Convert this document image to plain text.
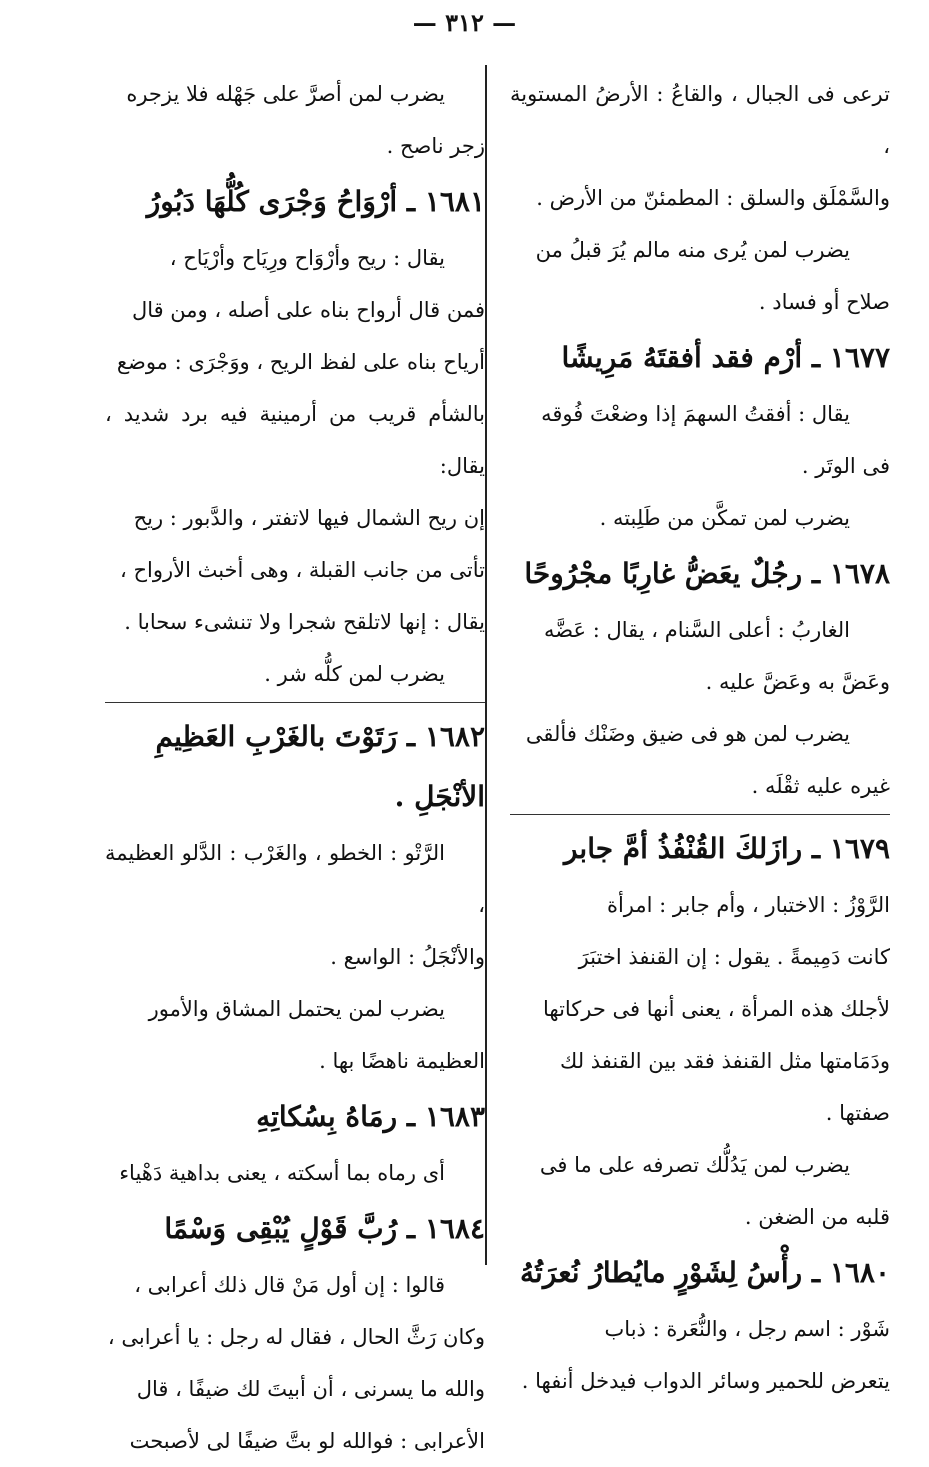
— ٣١٢ —

ترعى فى الجبال ، والقاعُ : الأرضُ المستوية ،

والسَّمْلَق والسلق : المطمئنّ من الأرض .

يضرب لمن يُرى منه مالم يُرَ قبلُ من

صلاح أو فساد .

١٦٧٧ ـ أرْم فقد أفقتَهُ مَرِيشًا

يقال : أفقتُ السهمَ إذا وضعْتَ فُوقه

فى الوتَر .

يضرب لمن تمكَّن من طَلِبته .

١٦٧٨ ـ رجُلٌ يعَضُّ غارِبًا مجْرُوحًا

الغاربُ : أعلى السَّنام ، يقال : عَضَّه

وعَضَّ به وعَضَّ عليه .

يضرب لمن هو فى ضيق وضَنْك فألقى

غيره عليه ثقْلَه .

١٦٧٩ ـ رازَلكَ القُنْفُذُ أمَّ جابر

الرَّوْزُ : الاختبار ، وأم جابر : امرأة

كانت دَمِيمةً . يقول : إن القنفذ اختبَرَ

لأجلك هذه المرأة ، يعنى أنها فى حركاتها

ودَمَامتها مثل القنفذ فقد بين القنفذ لك

صفتها .

يضرب لمن يَدُلُّك تصرفه على ما فى

قلبه من الضغن .

١٦٨٠ ـ رأْسُ لِشَوْرٍ مايُطارُ نُعرَتُهُ

شَوْر : اسم رجل ، والنُّعَرة : ذباب

يتعرض للحمير وسائر الدواب فيدخل أنفها .

يضرب لمن أصرَّ على جَهْله فلا يزجره

زجر ناصح .

١٦٨١ ـ أرْوَاحُ وَجْرَى كُلُّهَا دَبُورُ

يقال : ريح وأرْوَاح ورِيَاح وأرْيَاح ،

فمن قال أرواح بناه على أصله ، ومن قال

أرياح بناه على لفظ الريح ، ووَجْرَى : موضع

بالشأم قريب من أرمينية فيه برد شديد ، يقال:

إن ريح الشمال فيها لاتفتر ، والدَّبور : ريح

تأتى من جانب القبلة ، وهى أخبث الأرواح ،

يقال : إنها لاتلقح شجرا ولا تنشىء سحابا .

يضرب لمن كلُّه شر .

١٦٨٢ ـ رَتَوْتَ بالغَرْبِ العَظِيمِ

الأنْجَلِ .

الرَّتْو : الخطو ، والغَرْب : الدَّلو العظيمة ،

والأنْجَلُ : الواسع .

يضرب لمن يحتمل المشاق والأمور

العظيمة ناهضًا بها .

١٦٨٣ ـ رمَاهُ بِسُكاتِهِ

أى رماه بما أسكته ، يعنى بداهية دَهْياء

١٦٨٤ ـ رُبَّ قَوْلٍ يُبْقِى وَسْمًا

قالوا : إن أول مَنْ قال ذلك أعرابى ،

وكان رَثَّ الحال ، فقال له رجل : يا أعرابى ،

والله ما يسرنى ، أن أبيتَ لك ضيفًا ، قال

الأعرابى : فوالله لو بتَّ ضيفًا لى لأصبحت
